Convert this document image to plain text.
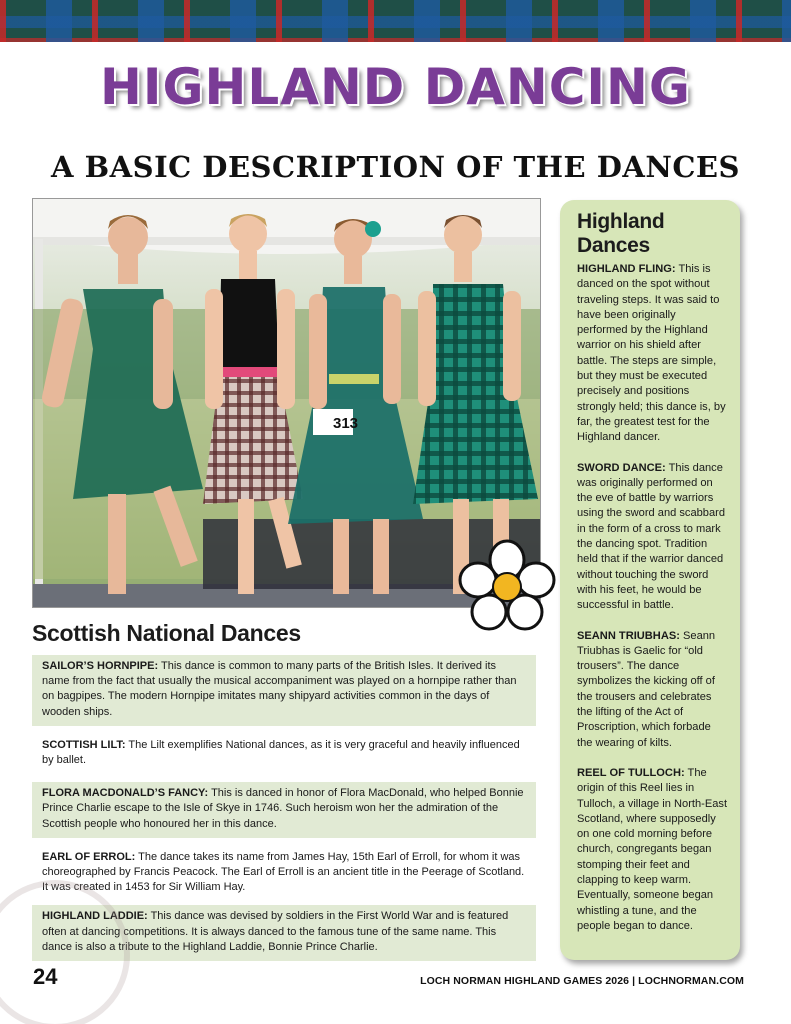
HIGHLAND DANCING
A BASIC DESCRIPTION OF THE DANCES
313
Highland Dances

HIGHLAND FLING: This is danced on the spot without traveling steps. It was said to have been originally performed by the Highland warrior on his shield after battle. The steps are simple, but they must be executed precisely and positions strongly held; this dance is, by far, the greatest test for the Highland dancer.

SWORD DANCE: This dance was originally performed on the eve of battle by warriors using the sword and scabbard in the form of a cross to mark the dancing spot. Tradition held that if the warrior danced without touching the sword with his feet, he would be successful in battle.

SEANN TRIUBHAS: Seann Triubhas is Gaelic for “old trousers”. The dance symbolizes the kicking off of the trousers and celebrates the lifting of the Act of Proscription, which forbade the wearing of kilts.

REEL OF TULLOCH: The origin of this Reel lies in Tulloch, a village in North-East Scotland, where supposedly on one cold morning before church, congregants began stomping their feet and clapping to keep warm. Eventually, someone began whistling a tune, and the people began to dance.

Scottish National Dances

SAILOR’S HORNPIPE: This dance is common to many parts of the British Isles. It derived its name from the fact that usually the musical accompaniment was played on a hornpipe rather than on bagpipes. The modern Hornpipe imitates many shipyard activities common in the days of wooden ships.

SCOTTISH LILT: The Lilt exemplifies National dances, as it is very graceful and heavily influenced by ballet.

FLORA MACDONALD’S FANCY: This is danced in honor of Flora MacDonald, who helped Bonnie Prince Charlie escape to the Isle of Skye in 1746. Such heroism won her the admiration of the Scottish people who honoured her in this dance.

EARL OF ERROL: The dance takes its name from James Hay, 15th Earl of Erroll, for whom it was choreographed by Francis Peacock. The Earl of Erroll is an ancient title in the Peerage of Scotland. It was created in 1453 for Sir William Hay.

HIGHLAND LADDIE: This dance was devised by soldiers in the First World War and is featured often at dancing competitions. It is always danced to the famous tune of the same name. This dance is also a tribute to the Highland Laddie, Bonnie Prince Charlie.

24	LOCH NORMAN HIGHLAND GAMES 2026 | LOCHNORMAN.COM
